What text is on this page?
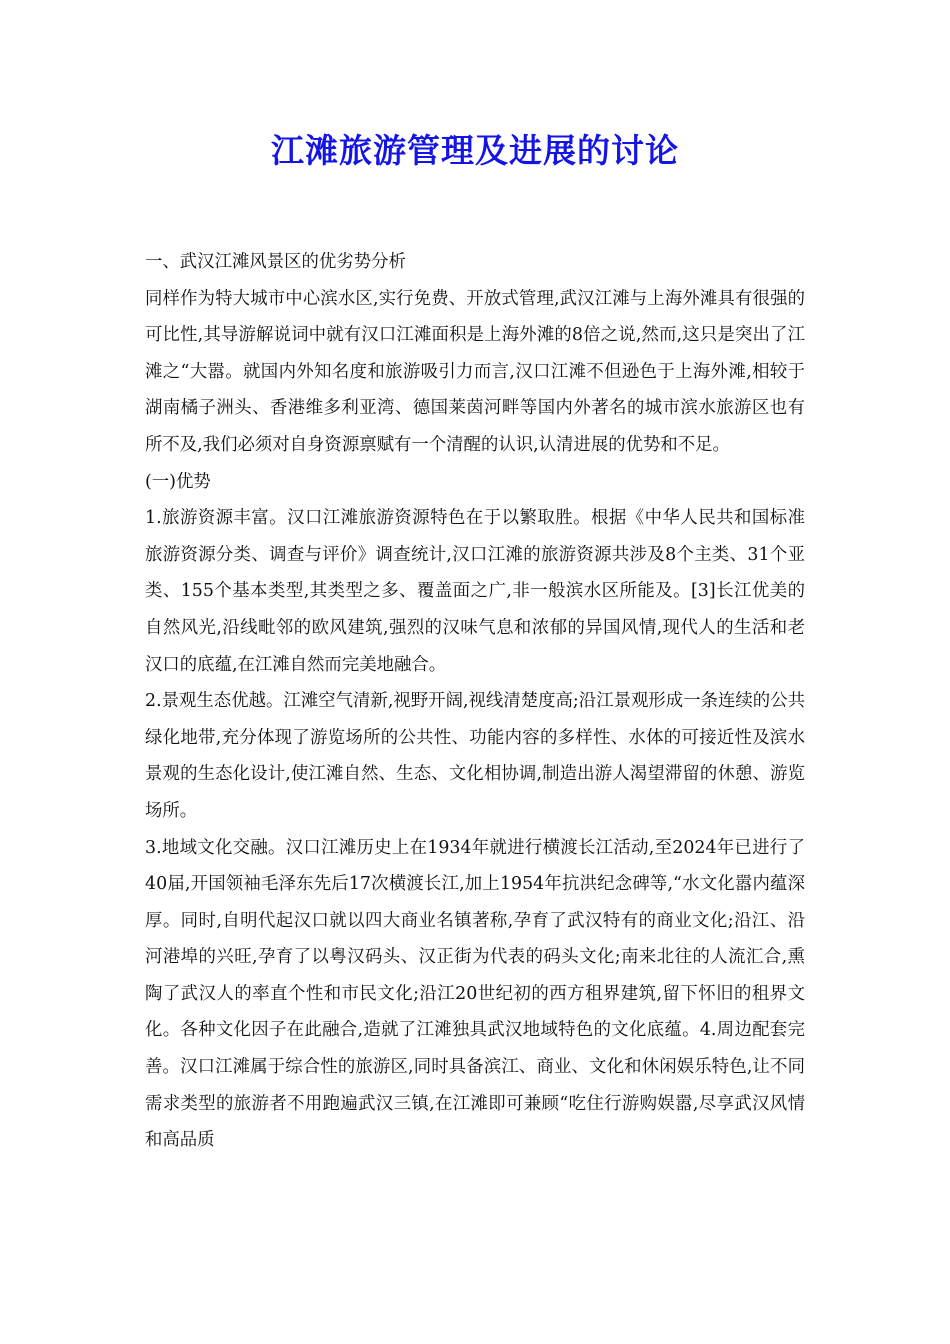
江滩旅游管理及进展的讨论

一、武汉江滩风景区的优劣势分析

同样作为特大城市中心滨水区,实行免费、开放式管理,武汉江滩与上海外滩具有很强的可比性,其导游解说词中就有汉口江滩面积是上海外滩的8倍之说,然而,这只是突出了江滩之“大嚣。就国内外知名度和旅游吸引力而言,汉口江滩不但逊色于上海外滩,相较于湖南橘子洲头、香港维多利亚湾、德国莱茵河畔等国内外著名的城市滨水旅游区也有所不及,我们必须对自身资源禀赋有一个清醒的认识,认清进展的优势和不足。

(一)优势

1.旅游资源丰富。汉口江滩旅游资源特色在于以繁取胜。根据《中华人民共和国标准旅游资源分类、调查与评价》调查统计,汉口江滩的旅游资源共涉及8个主类、31个亚类、155个基本类型,其类型之多、覆盖面之广,非一般滨水区所能及。[3]长江优美的自然风光,沿线毗邻的欧风建筑,强烈的汉味气息和浓郁的异国风情,现代人的生活和老汉口的底蕴,在江滩自然而完美地融合。

2.景观生态优越。江滩空气清新,视野开阔,视线清楚度高;沿江景观形成一条连续的公共绿化地带,充分体现了游览场所的公共性、功能内容的多样性、水体的可接近性及滨水景观的生态化设计,使江滩自然、生态、文化相协调,制造出游人渴望滞留的休憩、游览场所。

3.地域文化交融。汉口江滩历史上在1934年就进行横渡长江活动,至2024年已进行了40届,开国领袖毛泽东先后17次横渡长江,加上1954年抗洪纪念碑等,“水文化嚣内蕴深厚。同时,自明代起汉口就以四大商业名镇著称,孕育了武汉特有的商业文化;沿江、沿河港埠的兴旺,孕育了以粤汉码头、汉正街为代表的码头文化;南来北往的人流汇合,熏陶了武汉人的率直个性和市民文化;沿江20世纪初的西方租界建筑,留下怀旧的租界文化。各种文化因子在此融合,造就了江滩独具武汉地域特色的文化底蕴。4.周边配套完善。汉口江滩属于综合性的旅游区,同时具备滨江、商业、文化和休闲娱乐特色,让不同需求类型的旅游者不用跑遍武汉三镇,在江滩即可兼顾“吃住行游购娱嚣,尽享武汉风情和高品质
